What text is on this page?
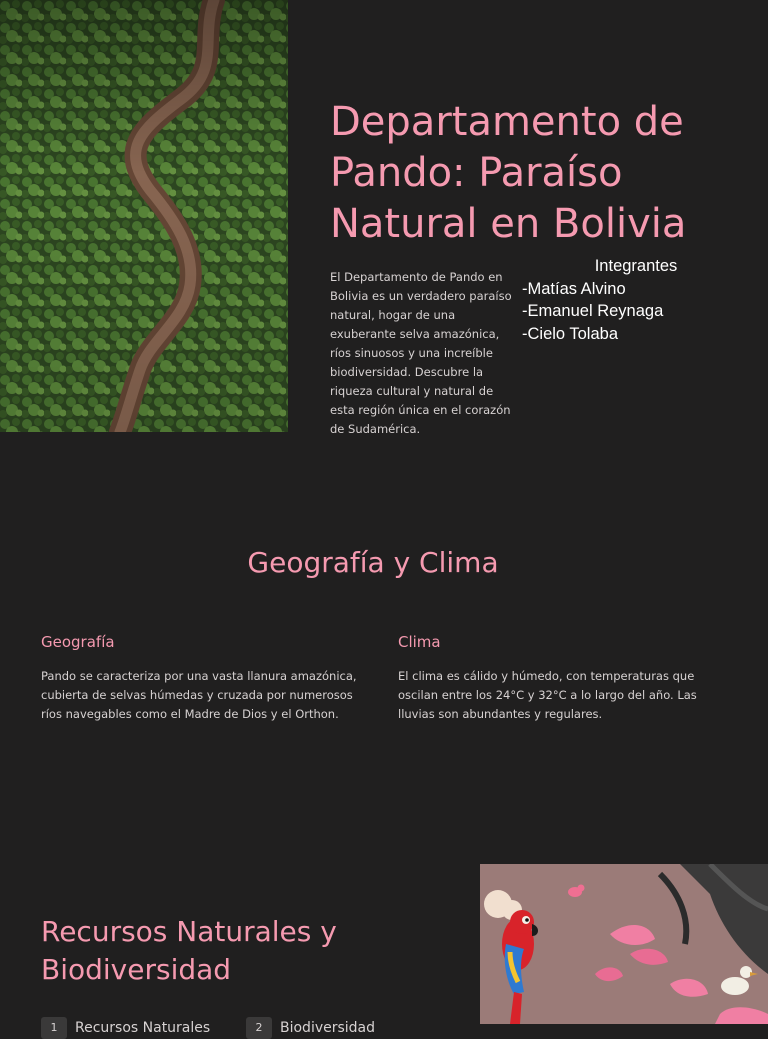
Departamento de Pando: Paraíso Natural en Bolivia

El Departamento de Pando en Bolivia es un verdadero paraíso natural, hogar de una exuberante selva amazónica, ríos sinuosos y una increíble biodiversidad. Descubre la riqueza cultural y natural de esta región única en el corazón de Sudamérica.

Integrantes
-Matías Alvino
-Emanuel Reynaga
-Cielo Tolaba
Geografía y Clima
Geografía

Pando se caracteriza por una vasta llanura amazónica, cubierta de selvas húmedas y cruzada por numerosos ríos navegables como el Madre de Dios y el Orthon.

Clima

El clima es cálido y húmedo, con temperaturas que oscilan entre los 24°C y 32°C a lo largo del año. Las lluvias son abundantes y regulares.

Recursos Naturales y Biodiversidad
1	Recursos Naturales	2	Biodiversidad
